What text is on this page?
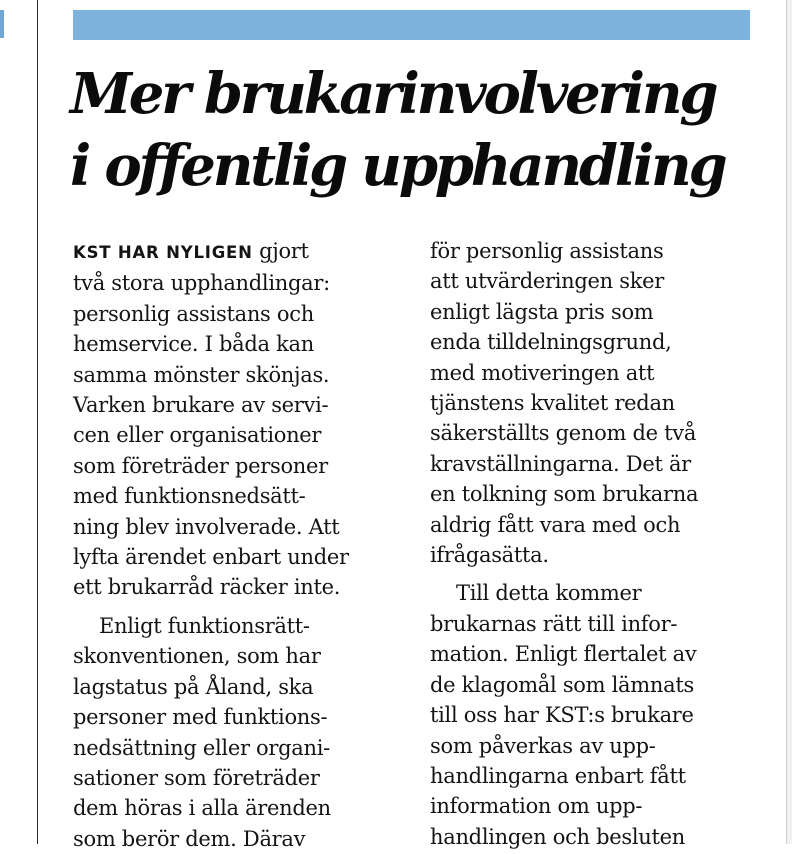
Mer brukarinvolvering
i offentlig upphandling
KST HAR NYLIGEN gjort
två stora upphandlingar:
personlig assistans och
hemservice. I båda kan
samma mönster skönjas.
Varken brukare av servi-
cen eller organisationer
som företräder personer
med funktionsnedsätt-
ning blev involverade. Att
lyfta ärendet enbart under
ett brukarråd räcker inte.
Enligt funktionsrätt-
skonventionen, som har
lagstatus på Åland, ska
personer med funktions-
nedsättning eller organi-
sationer som företräder
dem höras i alla ärenden
som berör dem. Därav
för personlig assistans
att utvärderingen sker
enligt lägsta pris som
enda tilldelningsgrund,
med motiveringen att
tjänstens kvalitet redan
säkerställts genom de två
kravställningarna. Det är
en tolkning som brukarna
aldrig fått vara med och
ifrågasätta.
Till detta kommer
brukarnas rätt till infor-
mation. Enligt flertalet av
de klagomål som lämnats
till oss har KST:s brukare
som påverkas av upp-
handlingarna enbart fått
information om upp-
handlingen och besluten
